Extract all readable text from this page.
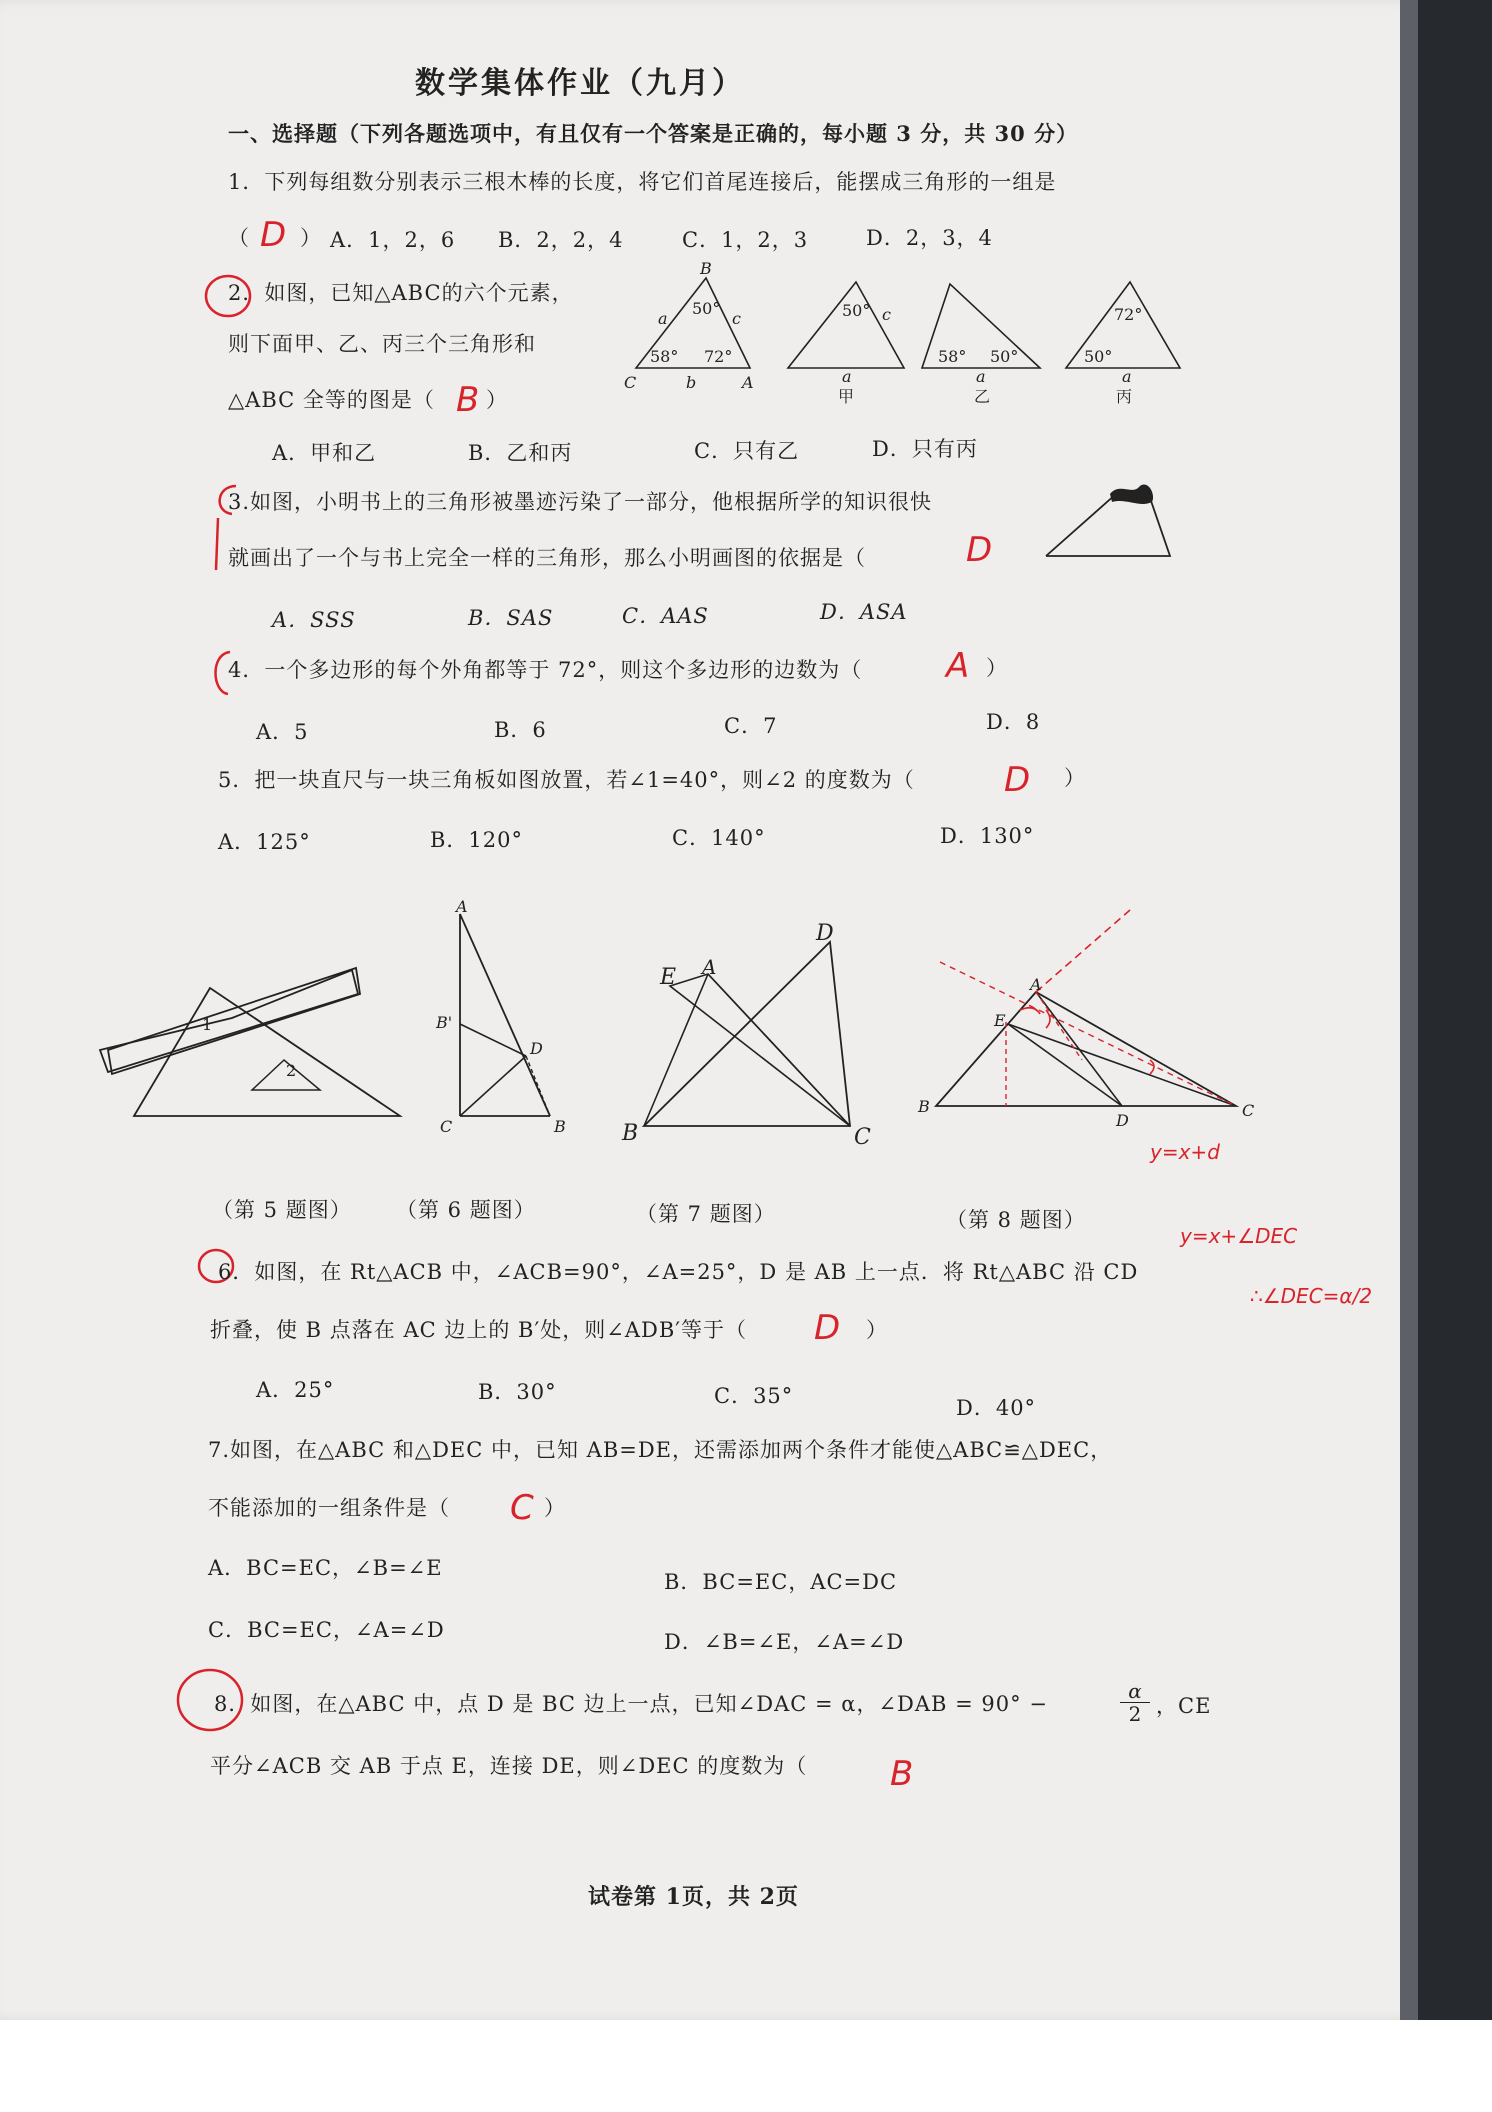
数学集体作业（九月）
一、选择题（下列各题选项中，有且仅有一个答案是正确的，每小题 3 分，共 30 分）
1．下列每组数分别表示三根木棒的长度，将它们首尾连接后，能摆成三角形的一组是
（ D ） A．1，2，6 B．2，2，4	C．1，2，3	D．2，3，4
2．如图，已知△ABC的六个元素，
则下面甲、乙、丙三个三角形和
△ABC 全等的图是（ B ）
A．甲和乙	B．乙和丙	C．只有乙	D．只有丙
B
C	A
a
b
c
50°
58° 72°
50° c
a
甲
a
58° 50°
乙
72°
50°
a
丙
3.如图，小明书上的三角形被墨迹污染了一部分，他根据所学的知识很快
就画出了一个与书上完全一样的三角形，那么小明画图的依据是（	D
A．SSS	B．SAS	C．AAS	D．ASA
4．一个多边形的每个外角都等于 72°，则这个多边形的边数为（ A ）
A．5	B．6	C．7	D．8
5．把一块直尺与一块三角板如图放置，若∠1=40°，则∠2 的度数为（	D ）
A．125°	B．120°	C．140°	D．130°
1
2
A
B'
D
C	B
D
E A
B	C
A
E
B
D
C
（第 5 题图） （第 6 题图）	（第 7 题图）	（第 8 题图）
y=x+d
y=x+∠DEC
∴∠DEC=α/2
6．如图，在 Rt△ACB 中，∠ACB=90°，∠A=25°，D 是 AB 上一点．将 Rt△ABC 沿 CD
折叠，使 B 点落在 AC 边上的 B′处，则∠ADB′等于（ D ）
A．25°	B．30°	C．35°	D．40°
7.如图，在△ABC 和△DEC 中，已知 AB=DE，还需添加两个条件才能使△ABC≌△DEC，
不能添加的一组条件是（ C ）
A．BC=EC，∠B=∠E
B．BC=EC，AC=DC
C．BC=EC，∠A=∠D	D．∠B=∠E，∠A=∠D
8．如图，在△ABC 中，点 D 是 BC 边上一点，已知∠DAC = α，∠DAB = 90° −	$\frac{\alpha}{2}$ ，CE
平分∠ACB 交 AB 于点 E，连接 DE，则∠DEC 的度数为（ B
试卷第 1页，共 2页
